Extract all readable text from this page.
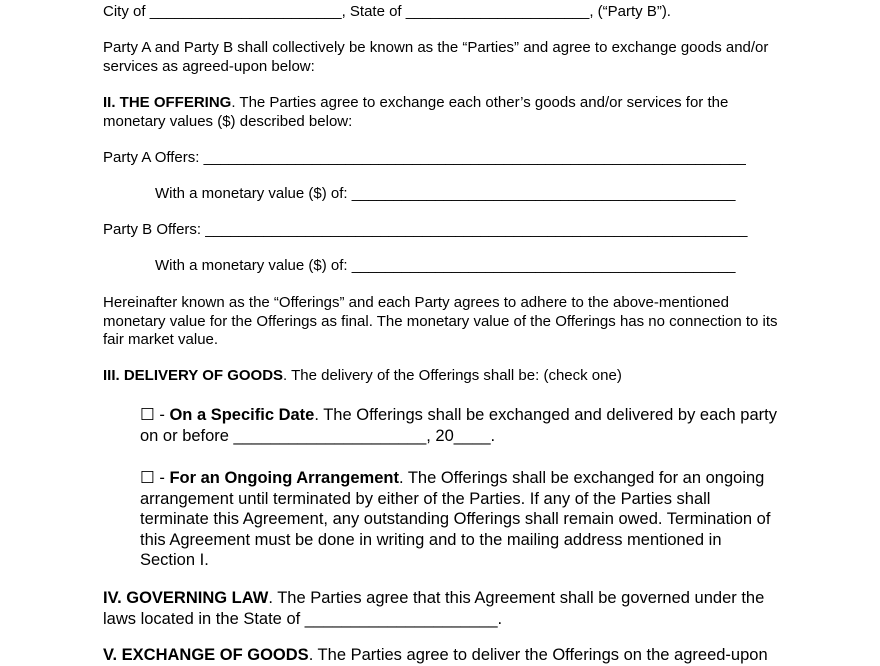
City of _______________________, State of ______________________, (“Party B”).

Party A and Party B shall collectively be known as the “Parties” and agree to exchange goods and/or services as agreed-upon below:

II. THE OFFERING. The Parties agree to exchange each other’s goods and/or services for the monetary values ($) described below:

Party A Offers: _________________________________________________________________

With a monetary value ($) of: ______________________________________________

Party B Offers: _________________________________________________________________

With a monetary value ($) of: ______________________________________________

Hereinafter known as the “Offerings” and each Party agrees to adhere to the above-mentioned monetary value for the Offerings as final. The monetary value of the Offerings has no connection to its fair market value.

III. DELIVERY OF GOODS. The delivery of the Offerings shall be: (check one)

☐ - On a Specific Date. The Offerings shall be exchanged and delivered by each party on or before _____________________, 20____.

☐ - For an Ongoing Arrangement. The Offerings shall be exchanged for an ongoing arrangement until terminated by either of the Parties. If any of the Parties shall terminate this Agreement, any outstanding Offerings shall remain owed. Termination of this Agreement must be done in writing and to the mailing address mentioned in Section I.

IV. GOVERNING LAW. The Parties agree that this Agreement shall be governed under the laws located in the State of _____________________.

V. EXCHANGE OF GOODS. The Parties agree to deliver the Offerings on the agreed-upon
